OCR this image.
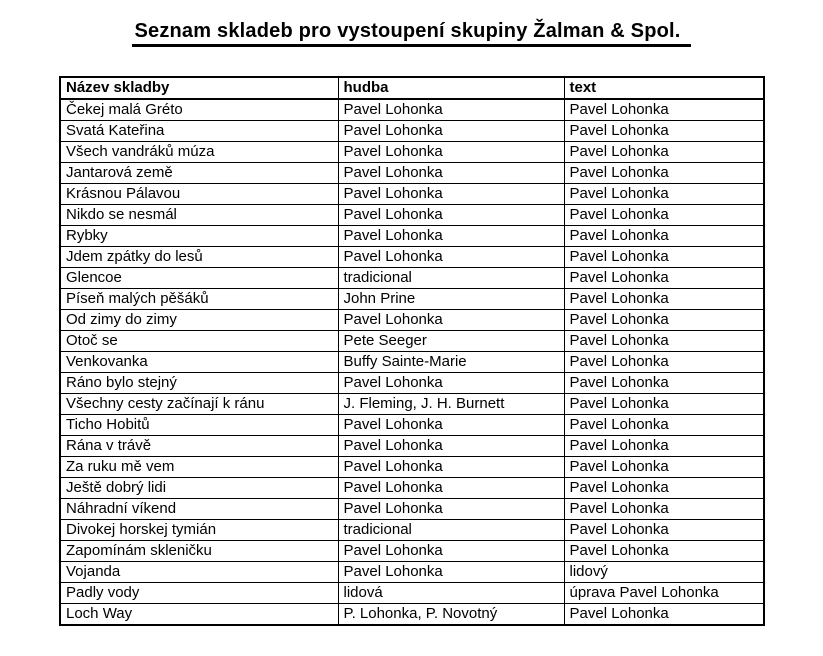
Seznam skladeb pro vystoupení skupiny Žalman & Spol.
Název skladby	hudba	text
Čekej malá Gréto	Pavel Lohonka	Pavel Lohonka
Svatá Kateřina	Pavel Lohonka	Pavel Lohonka
Všech vandráků múza	Pavel Lohonka	Pavel Lohonka
Jantarová země	Pavel Lohonka	Pavel Lohonka
Krásnou Pálavou	Pavel Lohonka	Pavel Lohonka
Nikdo se nesmál	Pavel Lohonka	Pavel Lohonka
Rybky	Pavel Lohonka	Pavel Lohonka
Jdem zpátky do lesů	Pavel Lohonka	Pavel Lohonka
Glencoe	tradicional	Pavel Lohonka
Píseň malých pěšáků	John Prine	Pavel Lohonka
Od zimy do zimy	Pavel Lohonka	Pavel Lohonka
Otoč se	Pete Seeger	Pavel Lohonka
Venkovanka	Buffy Sainte-Marie	Pavel Lohonka
Ráno bylo stejný	Pavel Lohonka	Pavel Lohonka
Všechny cesty začínají k ránu	J. Fleming, J. H. Burnett	Pavel Lohonka
Ticho Hobitů	Pavel Lohonka	Pavel Lohonka
Rána v trávě	Pavel Lohonka	Pavel Lohonka
Za ruku mě vem	Pavel Lohonka	Pavel Lohonka
Ještě dobrý lidi	Pavel Lohonka	Pavel Lohonka
Náhradní víkend	Pavel Lohonka	Pavel Lohonka
Divokej horskej tymián	tradicional	Pavel Lohonka
Zapomínám skleničku	Pavel Lohonka	Pavel Lohonka
Vojanda	Pavel Lohonka	lidový
Padly vody	lidová	úprava Pavel Lohonka
Loch Way	P. Lohonka, P. Novotný	Pavel Lohonka
